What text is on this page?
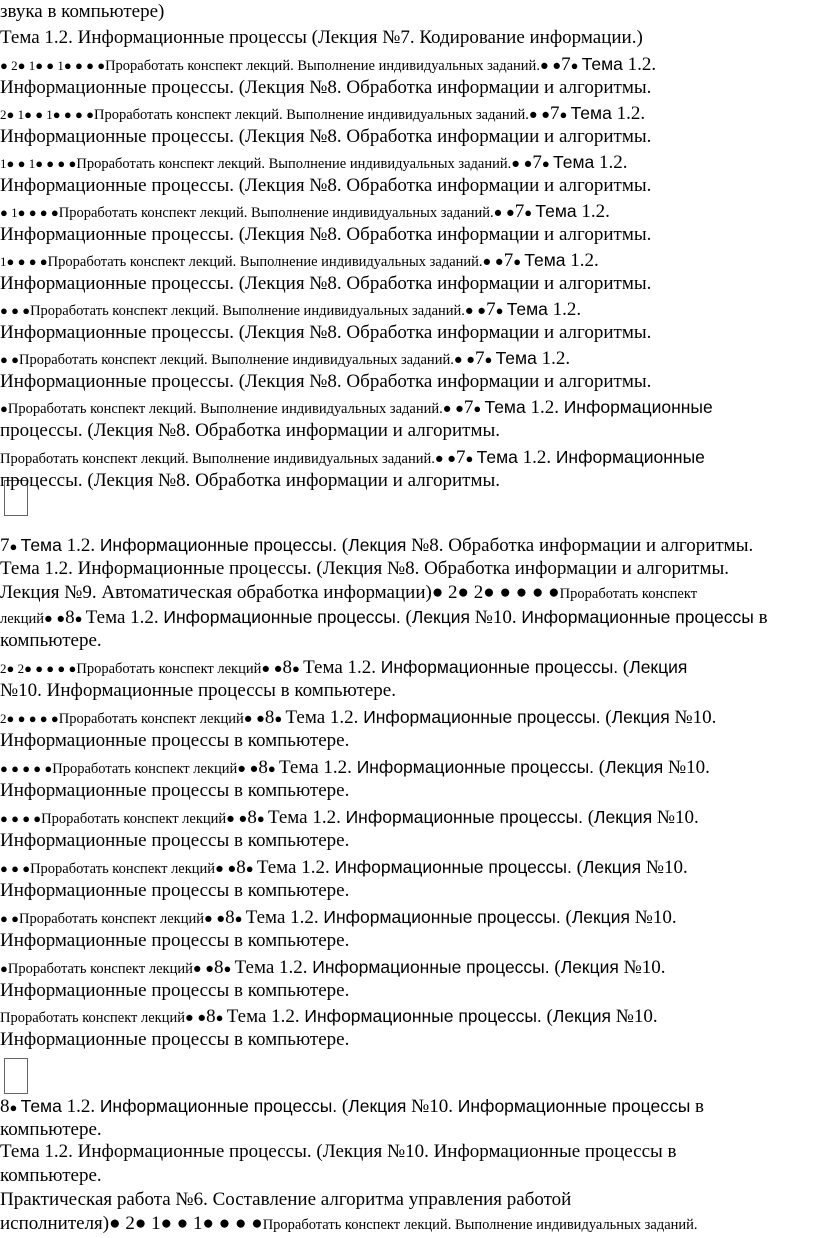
звука в компьютере)
Тема 1.2. Информационные процессы (Лекция №7. Кодирование информации.)
● 2● 1● ● 1● ● ● ●Проработать конспект лекций. Выполнение индивидуальных заданий.● ●7● Тема 1.2.
Информационные процессы. (Лекция №8. Обработка информации и алгоритмы.
2● 1● ● 1● ● ● ●Проработать конспект лекций. Выполнение индивидуальных заданий.● ●7● Тема 1.2.
Информационные процессы. (Лекция №8. Обработка информации и алгоритмы.
1● ● 1● ● ● ●Проработать конспект лекций. Выполнение индивидуальных заданий.● ●7● Тема 1.2.
Информационные процессы. (Лекция №8. Обработка информации и алгоритмы.
● 1● ● ● ●Проработать конспект лекций. Выполнение индивидуальных заданий.● ●7● Тема 1.2.
Информационные процессы. (Лекция №8. Обработка информации и алгоритмы.
1● ● ● ●Проработать конспект лекций. Выполнение индивидуальных заданий.● ●7● Тема 1.2.
Информационные процессы. (Лекция №8. Обработка информации и алгоритмы.
● ● ●Проработать конспект лекций. Выполнение индивидуальных заданий.● ●7● Тема 1.2.
Информационные процессы. (Лекция №8. Обработка информации и алгоритмы.
● ●Проработать конспект лекций. Выполнение индивидуальных заданий.● ●7● Тема 1.2.
Информационные процессы. (Лекция №8. Обработка информации и алгоритмы.
●Проработать конспект лекций. Выполнение индивидуальных заданий.● ●7● Тема 1.2. Информационные
процессы. (Лекция №8. Обработка информации и алгоритмы.
Проработать конспект лекций. Выполнение индивидуальных заданий.● ●7● Тема 1.2. Информационные
процессы. (Лекция №8. Обработка информации и алгоритмы.
7● Тема 1.2. Информационные процессы. (Лекция №8. Обработка информации и алгоритмы.
Тема 1.2. Информационные процессы. (Лекция №8. Обработка информации и алгоритмы.
Лекция №9. Автоматическая обработка информации)● 2● 2● ● ● ● ●Проработать конспект
лекций● ●8● Тема 1.2. Информационные процессы. (Лекция №10. Информационные процессы в
компьютере.
2● 2● ● ● ● ●Проработать конспект лекций● ●8● Тема 1.2. Информационные процессы. (Лекция
№10. Информационные процессы в компьютере.
2● ● ● ● ●Проработать конспект лекций● ●8● Тема 1.2. Информационные процессы. (Лекция №10.
Информационные процессы в компьютере.
● ● ● ● ●Проработать конспект лекций● ●8● Тема 1.2. Информационные процессы. (Лекция №10.
Информационные процессы в компьютере.
● ● ● ●Проработать конспект лекций● ●8● Тема 1.2. Информационные процессы. (Лекция №10.
Информационные процессы в компьютере.
● ● ●Проработать конспект лекций● ●8● Тема 1.2. Информационные процессы. (Лекция №10.
Информационные процессы в компьютере.
● ●Проработать конспект лекций● ●8● Тема 1.2. Информационные процессы. (Лекция №10.
Информационные процессы в компьютере.
●Проработать конспект лекций● ●8● Тема 1.2. Информационные процессы. (Лекция №10.
Информационные процессы в компьютере.
Проработать конспект лекций● ●8● Тема 1.2. Информационные процессы. (Лекция №10.
Информационные процессы в компьютере.
8● Тема 1.2. Информационные процессы. (Лекция №10. Информационные процессы в
компьютере.
Тема 1.2. Информационные процессы. (Лекция №10. Информационные процессы в
компьютере.
Практическая работа №6. Составление алгоритма управления работой
исполнителя)● 2● 1● ● 1● ● ● ●Проработать конспект лекций. Выполнение индивидуальных заданий.
